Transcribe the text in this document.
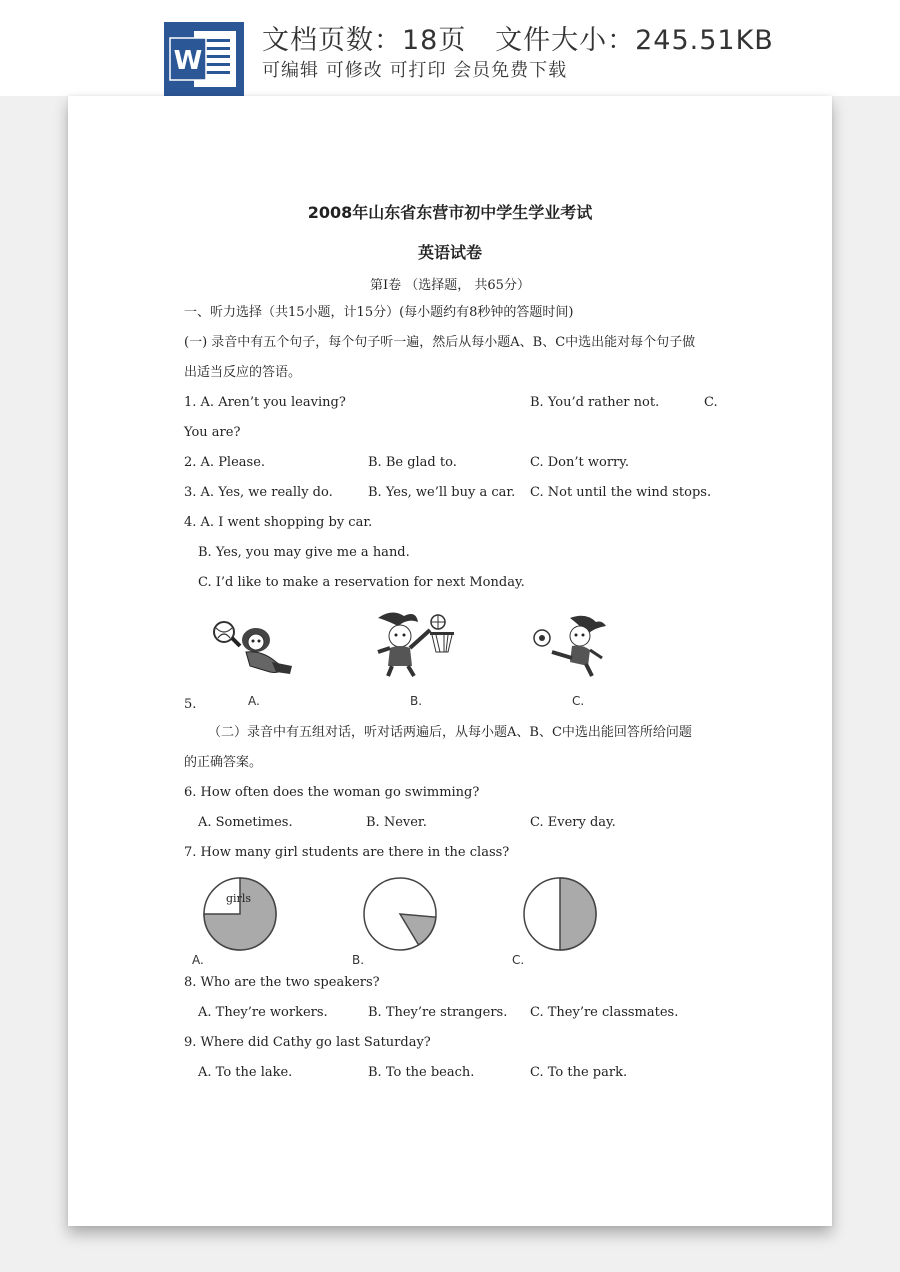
W
文档页数：18页 文件大小：245.51KB
可编辑 可修改 可打印 会员免费下载
2008年山东省东营市初中学生学业考试
英语试卷
第Ⅰ卷 （选择题， 共65分）
一、听力选择（共15小题，计15分）(每小题约有8秒钟的答题时间)
(一) 录音中有五个句子，每个句子听一遍，然后从每小题A、B、C中选出能对每个句子做
出适当反应的答语。
1. A. Aren’t you leaving?	B. You’d rather not.	C.
You are?
2. A. Please.	B. Be glad to.	C. Don’t worry.
3. A. Yes, we really do.	B. Yes, we’ll buy a car. C. Not until the wind stops.
4. A. I went shopping by car.
B. Yes, you may give me a hand.
C. I’d like to make a reservation for next Monday.
5.	A.	B.	C.
（二）录音中有五组对话，听对话两遍后，从每小题A、B、C中选出能回答所给问题
的正确答案。
6. How often does the woman go swimming?
A. Sometimes.	B. Never.	C. Every day.
7. How many girl students are there in the class?
girls
A.	B.	C.
8. Who are the two speakers?
A. They’re workers.	B. They’re strangers. C. They’re classmates.
9. Where did Cathy go last Saturday?
A. To the lake.	B. To the beach.	C. To the park.
